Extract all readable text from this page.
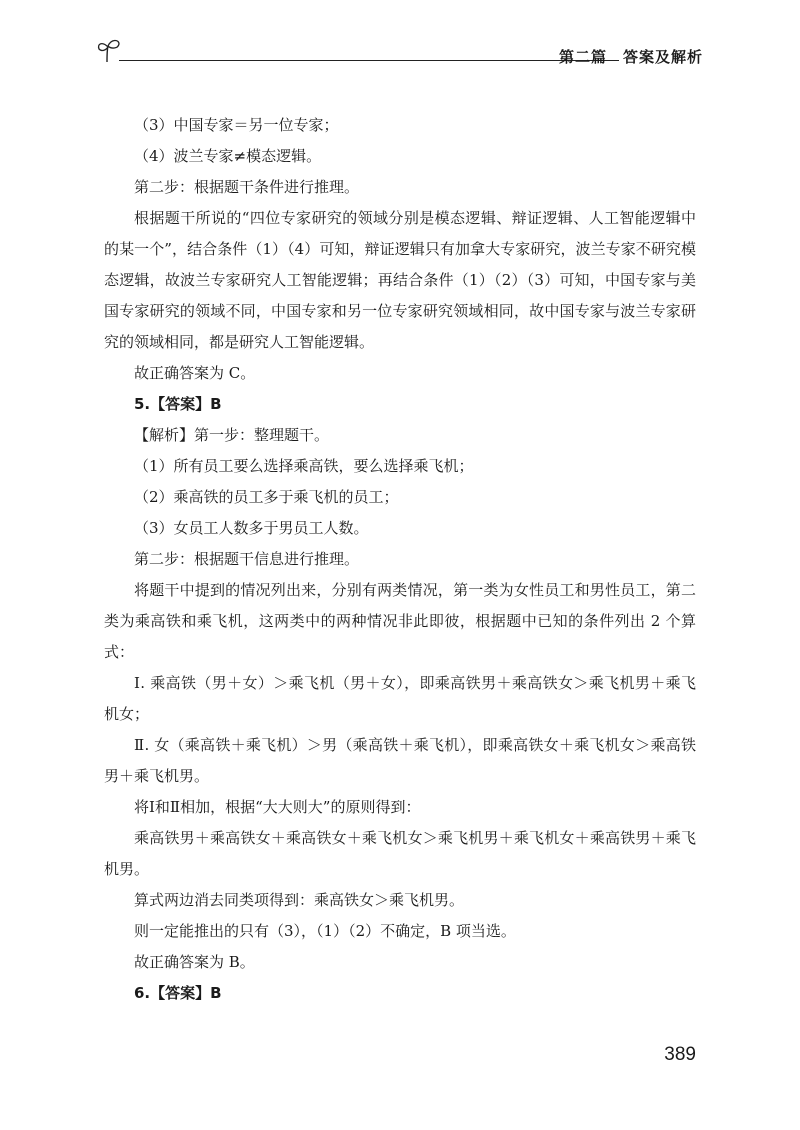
第二篇　答案及解析

（3）中国专家＝另一位专家；

（4）波兰专家≠模态逻辑。

第二步：根据题干条件进行推理。

根据题干所说的“四位专家研究的领域分别是模态逻辑、辩证逻辑、人工智能逻辑中的某一个”，结合条件（1）（4）可知，辩证逻辑只有加拿大专家研究，波兰专家不研究模态逻辑，故波兰专家研究人工智能逻辑；再结合条件（1）（2）（3）可知，中国专家与美国专家研究的领域不同，中国专家和另一位专家研究领域相同，故中国专家与波兰专家研究的领域相同，都是研究人工智能逻辑。

故正确答案为 C。

5.【答案】B

【解析】第一步：整理题干。

（1）所有员工要么选择乘高铁，要么选择乘飞机；

（2）乘高铁的员工多于乘飞机的员工；

（3）女员工人数多于男员工人数。

第二步：根据题干信息进行推理。

将题干中提到的情况列出来，分别有两类情况，第一类为女性员工和男性员工，第二类为乘高铁和乘飞机，这两类中的两种情况非此即彼，根据题中已知的条件列出 2 个算式：

Ⅰ. 乘高铁（男＋女）＞乘飞机（男＋女），即乘高铁男＋乘高铁女＞乘飞机男＋乘飞机女；

Ⅱ. 女（乘高铁＋乘飞机）＞男（乘高铁＋乘飞机），即乘高铁女＋乘飞机女＞乘高铁男＋乘飞机男。

将Ⅰ和Ⅱ相加，根据“大大则大”的原则得到：

乘高铁男＋乘高铁女＋乘高铁女＋乘飞机女＞乘飞机男＋乘飞机女＋乘高铁男＋乘飞机男。

算式两边消去同类项得到：乘高铁女＞乘飞机男。

则一定能推出的只有（3），（1）（2）不确定，B 项当选。

故正确答案为 B。

6.【答案】B

389
